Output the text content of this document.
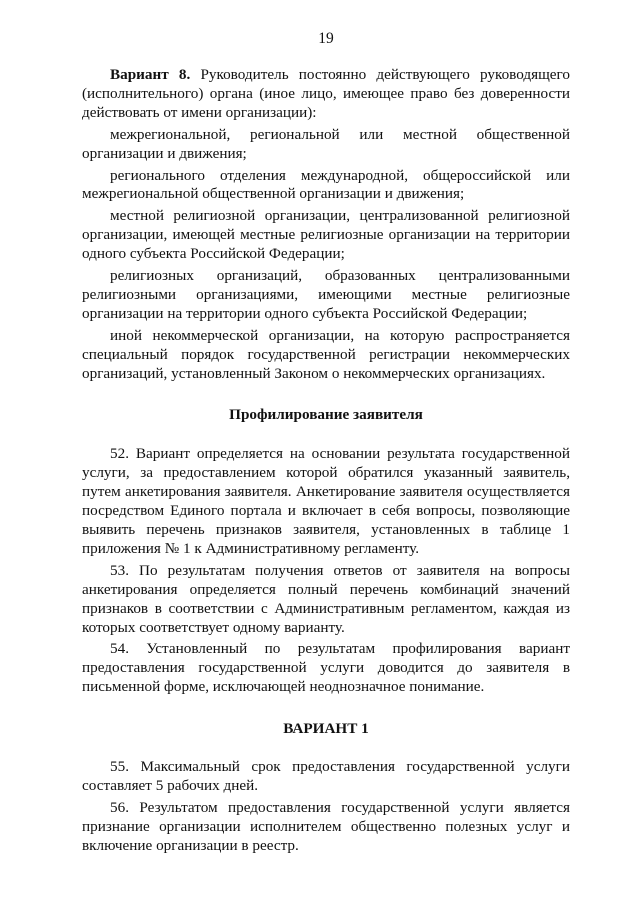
19

Вариант 8. Руководитель постоянно действующего руководящего (исполнительного) органа (иное лицо, имеющее право без доверенности действовать от имени организации):

межрегиональной, региональной или местной общественной организации и движения;

регионального отделения международной, общероссийской или межрегиональной общественной организации и движения;

местной религиозной организации, централизованной религиозной организации, имеющей местные религиозные организации на территории одного субъекта Российской Федерации;

религиозных организаций, образованных централизованными религиозными организациями, имеющими местные религиозные организации на территории одного субъекта Российской Федерации;

иной некоммерческой организации, на которую распространяется специальный порядок государственной регистрации некоммерческих организаций, установленный Законом о некоммерческих организациях.

Профилирование заявителя

52. Вариант определяется на основании результата государственной услуги, за предоставлением которой обратился указанный заявитель, путем анкетирования заявителя. Анкетирование заявителя осуществляется посредством Единого портала и включает в себя вопросы, позволяющие выявить перечень признаков заявителя, установленных в таблице 1 приложения № 1 к Административному регламенту.

53. По результатам получения ответов от заявителя на вопросы анкетирования определяется полный перечень комбинаций значений признаков в соответствии с Административным регламентом, каждая из которых соответствует одному варианту.

54. Установленный по результатам профилирования вариант предоставления государственной услуги доводится до заявителя в письменной форме, исключающей неоднозначное понимание.

ВАРИАНТ 1

55. Максимальный срок предоставления государственной услуги составляет 5 рабочих дней.

56. Результатом предоставления государственной услуги является признание организации исполнителем общественно полезных услуг и включение организации в реестр.
